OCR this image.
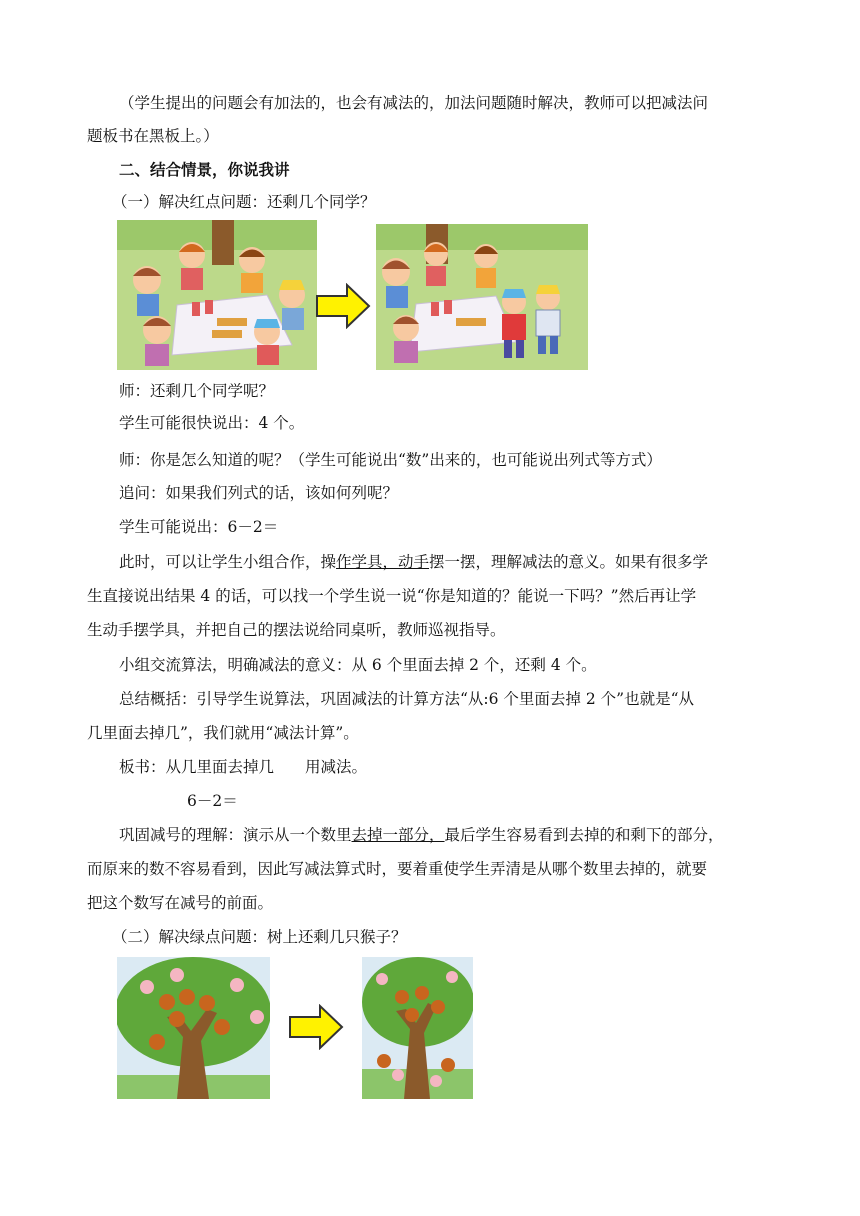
（学生提出的问题会有加法的，也会有减法的，加法问题随时解决，教师可以把减法问
题板书在黑板上。）
二、结合情景，你说我讲
（一）解决红点问题：还剩几个同学？
师：还剩几个同学呢？
学生可能很快说出：4 个。
师：你是怎么知道的呢？（学生可能说出“数”出来的，也可能说出列式等方式）
追问：如果我们列式的话，该如何列呢？
学生可能说出：6－2＝
此时，可以让学生小组合作，操作学具，动手摆一摆，理解减法的意义。如果有很多学
生直接说出结果 4 的话，可以找一个学生说一说“你是知道的？能说一下吗？”然后再让学
生动手摆学具，并把自己的摆法说给同桌听，教师巡视指导。
小组交流算法，明确减法的意义：从 6 个里面去掉 2 个，还剩 4 个。
总结概括：引导学生说算法，巩固减法的计算方法“从:6 个里面去掉 2 个”也就是“从
几里面去掉几”，我们就用“减法计算”。
板书：从几里面去掉几　　用减法。
6－2＝
巩固减号的理解：演示从一个数里去掉一部分，最后学生容易看到去掉的和剩下的部分，
而原来的数不容易看到，因此写减法算式时，要着重使学生弄清是从哪个数里去掉的，就要
把这个数写在减号的前面。
（二）解决绿点问题：树上还剩几只猴子？
